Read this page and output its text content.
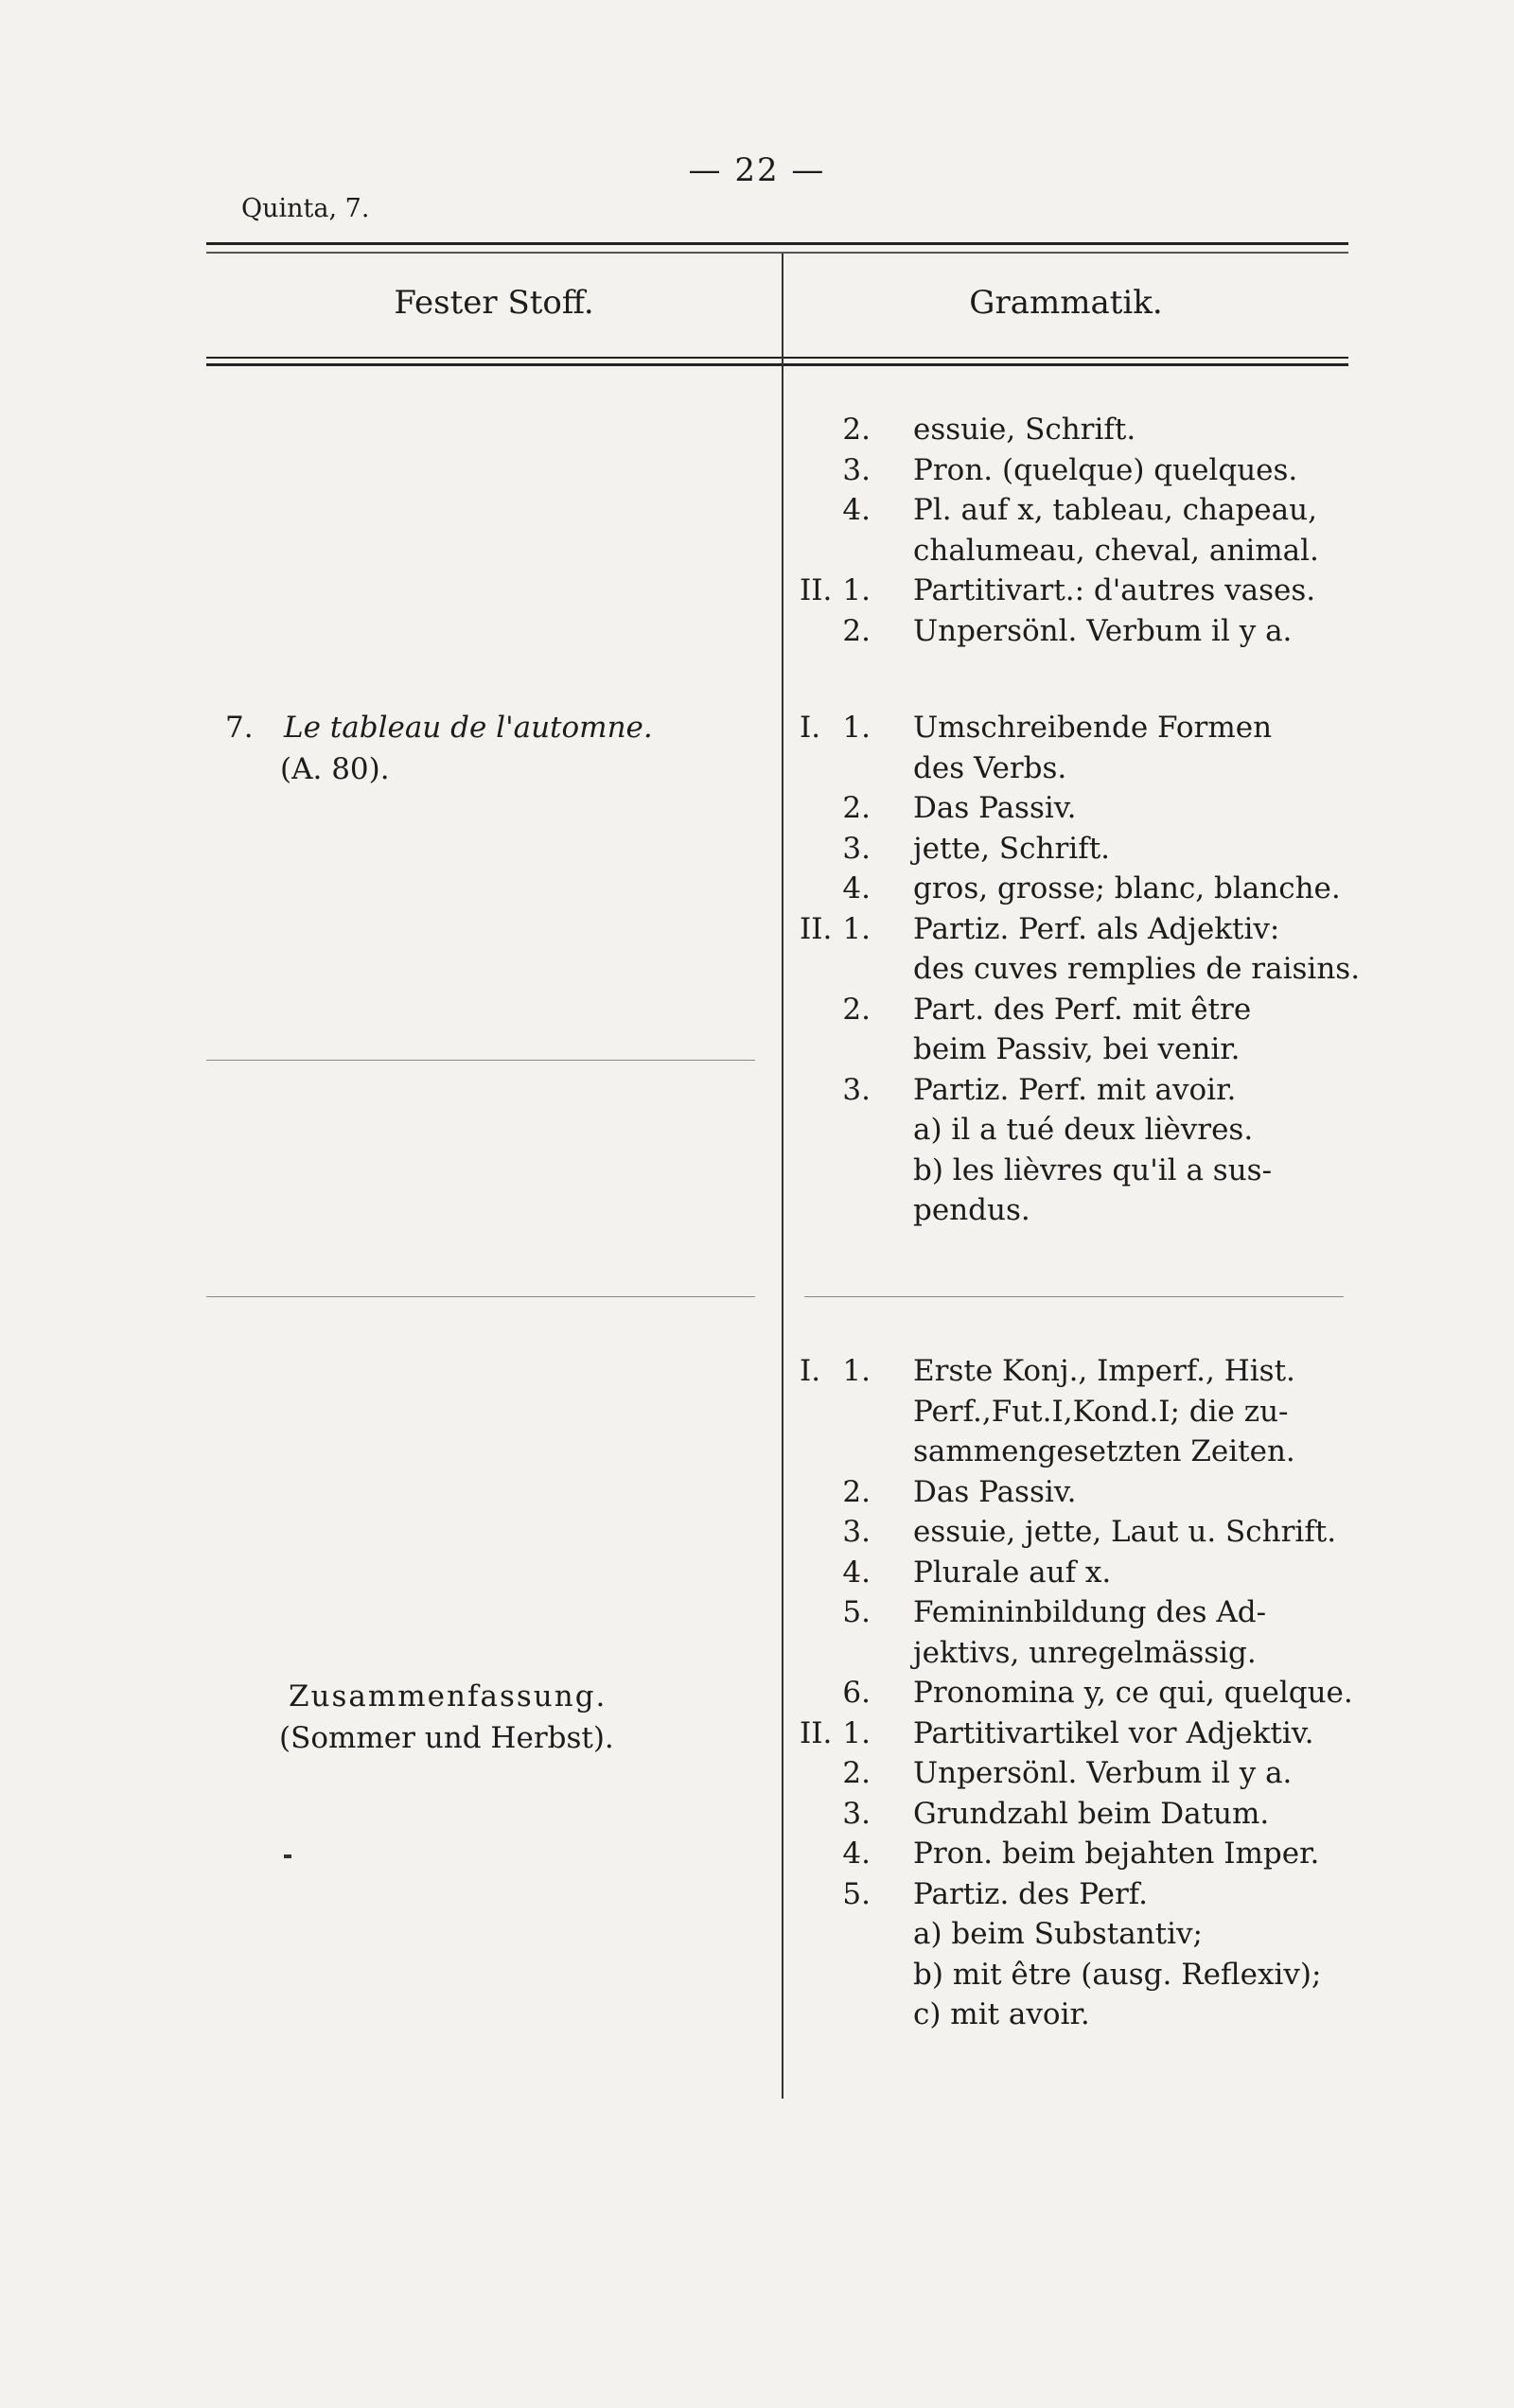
— 22 —
Quinta, 7.
Fester Stoff.	Grammatik.
7. Le tableau de l'automne.
(A. 80).
Zusammenfassung.
(Sommer und Herbst).
2. essuie, Schrift.
3. Pron. (quelque) quelques.
4. Pl. auf x, tableau, chapeau,
chalumeau, cheval, animal.
II. 1. Partitivart.: d'autres vases.
2. Unpersönl. Verbum il y a.
I. 1. Umschreibende Formen
des Verbs.
2. Das Passiv.
3. jette, Schrift.
4. gros, grosse; blanc, blanche.
II. 1. Partiz. Perf. als Adjektiv:
des cuves remplies de raisins.
2. Part. des Perf. mit être
beim Passiv, bei venir.
3. Partiz. Perf. mit avoir.
a) il a tué deux lièvres.
b) les lièvres qu'il a sus-
pendus.
I. 1. Erste Konj., Imperf., Hist.
Perf.,Fut.I,Kond.I; die zu-
sammengesetzten Zeiten.
2. Das Passiv.
3. essuie, jette, Laut u. Schrift.
4. Plurale auf x.
5. Femininbildung des Ad-
jektivs, unregelmässig.
6. Pronomina y, ce qui, quelque.
II. 1. Partitivartikel vor Adjektiv.
2. Unpersönl. Verbum il y a.
3. Grundzahl beim Datum.
4. Pron. beim bejahten Imper.
5. Partiz. des Perf.
a) beim Substantiv;
b) mit être (ausg. Reflexiv);
c) mit avoir.
